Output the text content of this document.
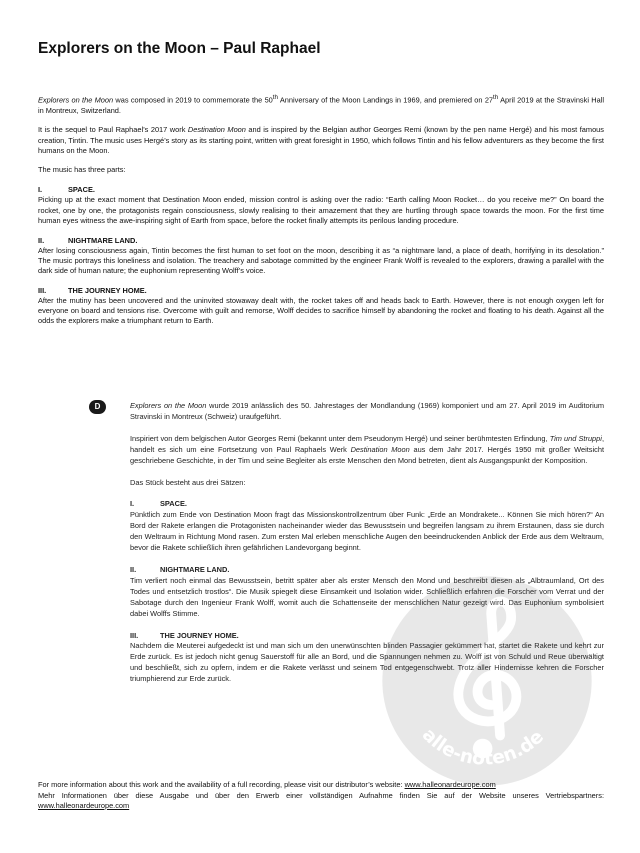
Explorers on the Moon – Paul Raphael

Explorers on the Moon was composed in 2019 to commemorate the 50th Anniversary of the Moon Landings in 1969, and premiered on 27th April 2019 at the Stravinski Hall in Montreux, Switzerland.

It is the sequel to Paul Raphael’s 2017 work Destination Moon and is inspired by the Belgian author Georges Remi (known by the pen name Hergé) and his most famous creation, Tintin. The music uses Hergé’s story as its starting point, written with great foresight in 1950, which follows Tintin and his fellow adventurers as they become the first humans on the Moon.

The music has three parts:

I.	SPACE.

Picking up at the exact moment that Destination Moon ended, mission control is asking over the radio: “Earth calling Moon Rocket… do you receive me?” On board the rocket, one by one, the protagonists regain consciousness, slowly realising to their amazement that they are hurtling through space towards the moon. For the first time human eyes witness the awe-inspiring sight of Earth from space, before the rocket finally attempts its perilous landing procedure.

II.	NIGHTMARE LAND.

After losing consciousness again, Tintin becomes the first human to set foot on the moon, describing it as “a nightmare land, a place of death, horrifying in its desolation.” The music portrays this loneliness and isolation. The treachery and sabotage committed by the engineer Frank Wolff is revealed to the explorers, drawing a parallel with the dark side of human nature; the euphonium representing Wolff’s voice.

III.	THE JOURNEY HOME.

After the mutiny has been uncovered and the uninvited stowaway dealt with, the rocket takes off and heads back to Earth. However, there is not enough oxygen left for everyone on board and tensions rise. Overcome with guilt and remorse, Wolff decides to sacrifice himself by abandoning the rocket and floating to his death. Against all the odds the explorers make a triumphant return to Earth.

D	Explorers on the Moon wurde 2019 anlässlich des 50. Jahrestages der Mondlandung (1969) komponiert und am 27. April 2019 im Auditorium Stravinski in Montreux (Schweiz) uraufgeführt.

Inspiriert von dem belgischen Autor Georges Remi (bekannt unter dem Pseudonym Hergé) und seiner berühmtesten Erfindung, Tim und Struppi, handelt es sich um eine Fortsetzung von Paul Raphaels Werk Destination Moon aus dem Jahr 2017. Hergés 1950 mit großer Weitsicht geschriebene Geschichte, in der Tim und seine Begleiter als erste Menschen den Mond betreten, dient als Ausgangspunkt der Komposition.

Das Stück besteht aus drei Sätzen:

I.	SPACE.

Pünktlich zum Ende von Destination Moon fragt das Missionskontrollzentrum über Funk: „Erde an Mondrakete... Können Sie mich hören?“ An Bord der Rakete erlangen die Protagonisten nacheinander wieder das Bewusstsein und begreifen langsam zu ihrem Erstaunen, dass sie durch den Weltraum in Richtung Mond rasen. Zum ersten Mal erleben menschliche Augen den beeindruckenden Anblick der Erde aus dem Weltraum, bevor die Rakete schließlich ihren gefährlichen Landevorgang beginnt.

II.	NIGHTMARE LAND.

Tim verliert noch einmal das Bewusstsein, betritt später aber als erster Mensch den Mond und beschreibt diesen als „Albtraumland, Ort des Todes und entsetzlich trostlos“. Die Musik spiegelt diese Einsamkeit und Isolation wider. Schließlich erfahren die Forscher vom Verrat und der Sabotage durch den Ingenieur Frank Wolff, womit auch die Schattenseite der menschlichen Natur gezeigt wird. Das Euphonium symbolisiert dabei Wolffs Stimme.

III.	THE JOURNEY HOME.

Nachdem die Meuterei aufgedeckt ist und man sich um den unerwünschten blinden Passagier gekümmert hat, startet die Rakete und kehrt zur Erde zurück. Es ist jedoch nicht genug Sauerstoff für alle an Bord, und die Spannungen nehmen zu. Wolff ist von Schuld und Reue überwältigt und beschließt, sich zu opfern, indem er die Rakete verlässt und seinem Tod entgegenschwebt. Trotz aller Hindernisse kehren die Forscher triumphierend zur Erde zurück.

alle-noten.de

For more information about this work and the availability of a full recording, please visit our distributor’s website: www.halleonardeurope.com

Mehr Informationen über diese Ausgabe und über den Erwerb einer vollständigen Aufnahme finden Sie auf der Website unseres Vertriebspartners: www.halleonardeurope.com
